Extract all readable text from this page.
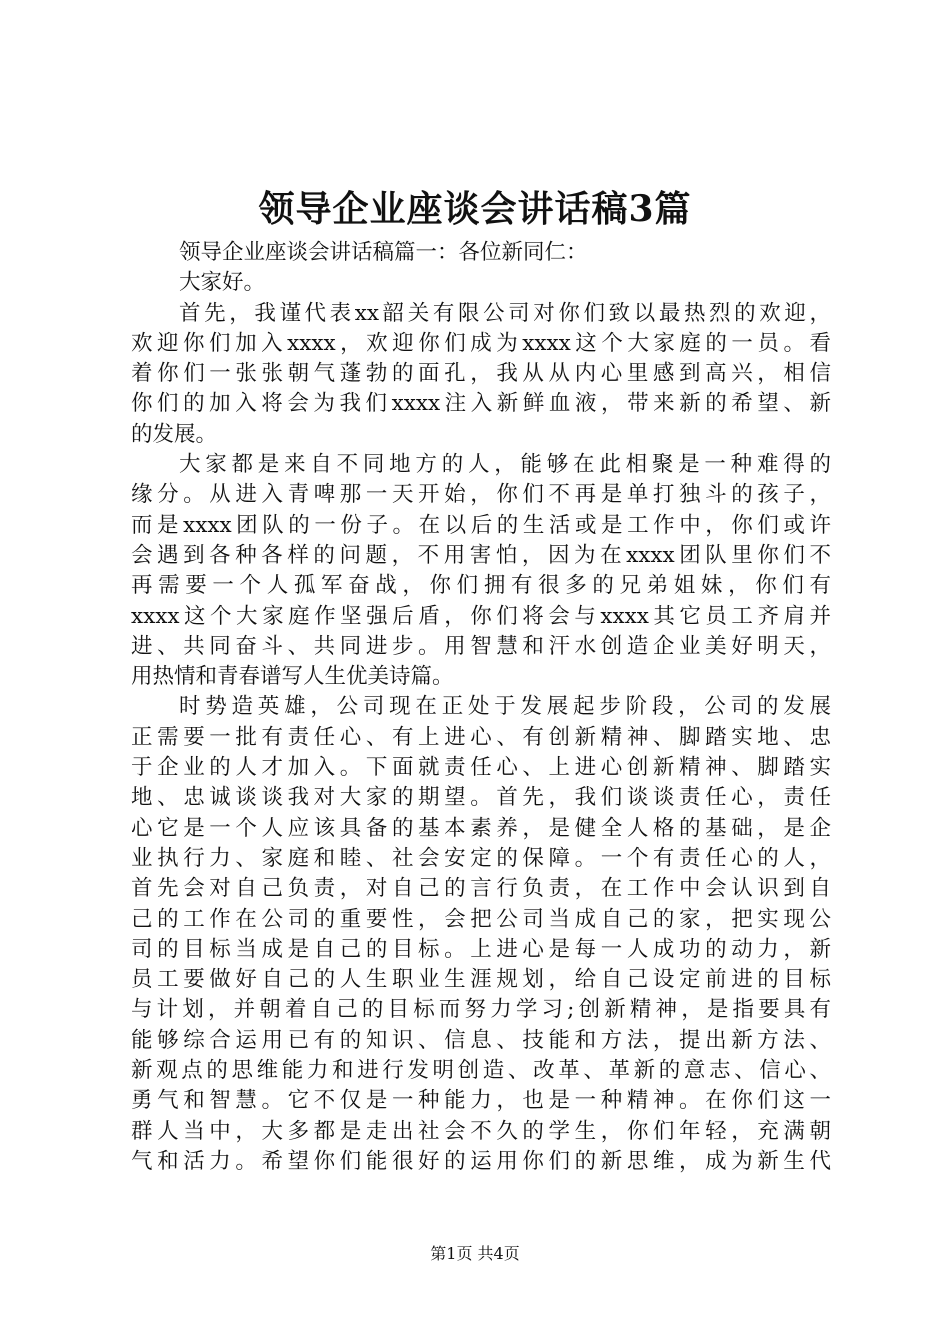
领导企业座谈会讲话稿3篇
领导企业座谈会讲话稿篇一：各位新同仁：
大家好。
首先，我谨代表xx韶关有限公司对你们致以最热烈的欢迎，
欢迎你们加入xxxx，欢迎你们成为xxxx这个大家庭的一员。看
着你们一张张朝气蓬勃的面孔，我从从内心里感到高兴，相信
你们的加入将会为我们xxxx注入新鲜血液，带来新的希望、新
的发展。
大家都是来自不同地方的人，能够在此相聚是一种难得的
缘分。从进入青啤那一天开始，你们不再是单打独斗的孩子，
而是xxxx团队的一份子。在以后的生活或是工作中，你们或许
会遇到各种各样的问题，不用害怕，因为在xxxx团队里你们不
再需要一个人孤军奋战，你们拥有很多的兄弟姐妹，你们有
xxxx这个大家庭作坚强后盾，你们将会与xxxx其它员工齐肩并
进、共同奋斗、共同进步。用智慧和汗水创造企业美好明天，
用热情和青春谱写人生优美诗篇。
时势造英雄，公司现在正处于发展起步阶段，公司的发展
正需要一批有责任心、有上进心、有创新精神、脚踏实地、忠
于企业的人才加入。下面就责任心、上进心创新精神、脚踏实
地、忠诚谈谈我对大家的期望。首先，我们谈谈责任心，责任
心它是一个人应该具备的基本素养，是健全人格的基础，是企
业执行力、家庭和睦、社会安定的保障。一个有责任心的人，
首先会对自己负责，对自己的言行负责，在工作中会认识到自
己的工作在公司的重要性，会把公司当成自己的家，把实现公
司的目标当成是自己的目标。上进心是每一人成功的动力，新
员工要做好自己的人生职业生涯规划，给自己设定前进的目标
与计划，并朝着自己的目标而努力学习;创新精神，是指要具有
能够综合运用已有的知识、信息、技能和方法，提出新方法、
新观点的思维能力和进行发明创造、改革、革新的意志、信心、
勇气和智慧。它不仅是一种能力，也是一种精神。在你们这一
群人当中，大多都是走出社会不久的学生，你们年轻，充满朝
气和活力。希望你们能很好的运用你们的新思维，成为新生代
第1页 共4页
